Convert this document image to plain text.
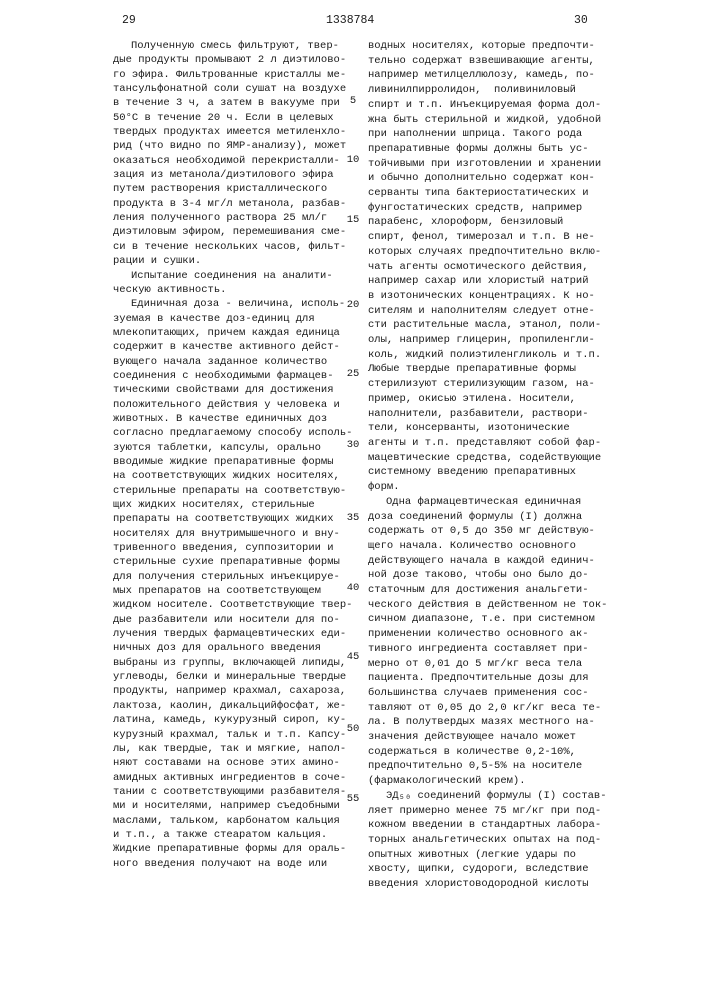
29	1338784	30
Полученную смесь фильтруют, твер-
дые продукты промывают 2 л диэтилово-
го эфира. Фильтрованные кристаллы ме-
тансульфонатной соли сушат на воздухе
в течение 3 ч, а затем в вакууме при
50°С в течение 20 ч. Если в целевых
твердых продуктах имеется метиленхло-
рид (что видно по ЯМР-анализу), может
оказаться необходимой перекристалли-
зация из метанола/диэтилового эфира
путем растворения кристаллического
продукта в 3-4 мг/л метанола, разбав-
ления полученного раствора 25 мл/г
диэтиловым эфиром, перемешивания сме-
си в течение нескольких часов, фильт-
рации и сушки.
Испытание соединения на аналити-
ческую активность.
Единичная доза - величина, исполь-
зуемая в качестве доз-единиц для
млекопитающих, причем каждая единица
содержит в качестве активного дейст-
вующего начала заданное количество
соединения с необходимыми фармацев-
тическими свойствами для достижения
положительного действия у человека и
животных. В качестве единичных доз
согласно предлагаемому способу исполь-
зуются таблетки, капсулы, орально
вводимые жидкие препаративные формы
на соответствующих жидких носителях,
стерильные препараты на соответствую-
щих жидких носителях, стерильные
препараты на соответствующих жидких
носителях для внутримышечного и вну-
тривенного введения, суппозитории и
стерильные сухие препаративные формы
для получения стерильных инъекцируе-
мых препаратов на соответствующем
жидком носителе. Соответствующие твер-
дые разбавители или носители для по-
лучения твердых фармацевтических еди-
ничных доз для орального введения
выбраны из группы, включающей липиды,
углеводы, белки и минеральные твердые
продукты, например крахмал, сахароза,
лактоза, каолин, дикальцийфосфат, же-
латина, камедь, кукурузный сироп, ку-
курузный крахмал, тальк и т.п. Капсу-
лы, как твердые, так и мягкие, напол-
няют составами на основе этих амино-
амидных активных ингредиентов в соче-
тании с соответствующими разбавителя-
ми и носителями, например съедобными
маслами, тальком, карбонатом кальция
и т.п., а также стеаратом кальция.
Жидкие препаративные формы для ораль-
ного введения получают на воде или
водных носителях, которые предпочти-
тельно содержат взвешивающие агенты,
например метилцеллюлозу, камедь, по-
ливинилпирролидон,  поливиниловый
спирт и т.п. Инъекцируемая форма дол-
жна быть стерильной и жидкой, удобной
при наполнении шприца. Такого рода
препаративные формы должны быть ус-
тойчивыми при изготовлении и хранении
и обычно дополнительно содержат кон-
серванты типа бактериостатических и
фунгостатических средств, например
парабенс, хлороформ, бензиловый
спирт, фенол, тимерозал и т.п. В не-
которых случаях предпочтительно вклю-
чать агенты осмотического действия,
например сахар или хлористый натрий
в изотонических концентрациях. К но-
сителям и наполнителям следует отне-
сти растительные масла, этанол, поли-
олы, например глицерин, пропиленгли-
коль, жидкий полиэтиленгликоль и т.п.
Любые твердые препаративные формы
стерилизуют стерилизующим газом, на-
пример, окисью этилена. Носители,
наполнители, разбавители, раствори-
тели, консерванты, изотонические
агенты и т.п. представляют собой фар-
мацевтические средства, содействующие
системному введению препаративных
форм.
Одна фармацевтическая единичная
доза соединений формулы (I) должна
содержать от 0,5 до 350 мг действую-
щего начала. Количество основного
действующего начала в каждой единич-
ной дозе таково, чтобы оно было до-
статочным для достижения анальгети-
ческого действия в действенном не ток-
сичном диапазоне, т.е. при системном
применении количество основного ак-
тивного ингредиента составляет при-
мерно от 0,01 до 5 мг/кг веса тела
пациента. Предпочтительные дозы для
большинства случаев применения сос-
тавляют от 0,05 до 2,0 кг/кг веса те-
ла. В полутвердых мазях местного на-
значения действующее начало может
содержаться в количестве 0,2-10%,
предпочтительно 0,5-5% на носителе
(фармакологический крем).
ЭД₅₀ соединений формулы (I) состав-
ляет примерно менее 75 мг/кг при под-
кожном введении в стандартных лабора-
торных анальгетических опытах на под-
опытных животных (легкие удары по
хвосту, щипки, судороги, вследствие
введения хлористоводородной кислоты
5
10
15
20
25
30
35
40
45
50
55
